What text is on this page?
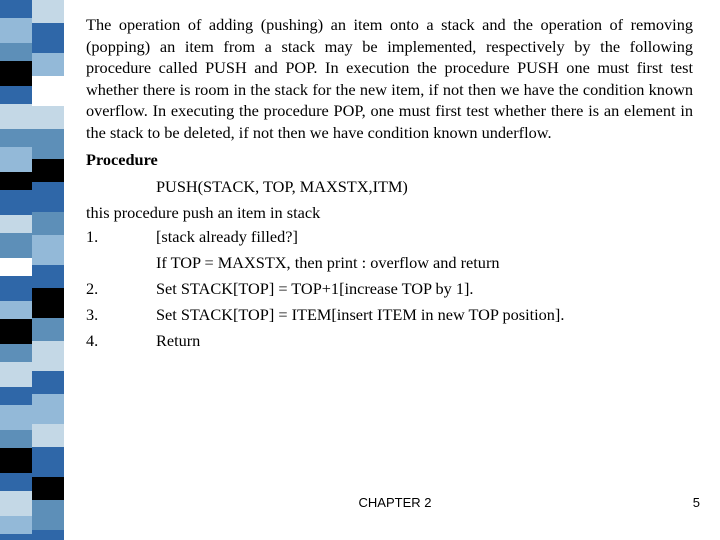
The operation of adding (pushing) an item onto a stack and the operation of removing (popping) an item from a stack may be implemented, respectively by the following procedure called PUSH and POP. In execution the procedure PUSH one must first test whether there is room in the stack for the new item, if not then we have the condition known overflow. In executing the procedure POP, one must first test whether there is an element in the stack to be deleted, if not then we have condition known underflow.

Procedure
PUSH(STACK, TOP, MAXSTX,ITM)
this procedure push an item in stack
1.	[stack already filled?]
If TOP = MAXSTX, then print : overflow and return
2.	Set STACK[TOP] = TOP+1[increase TOP by 1].
3.	Set STACK[TOP] = ITEM[insert ITEM in new TOP position].
4.	Return
CHAPTER 2	5
